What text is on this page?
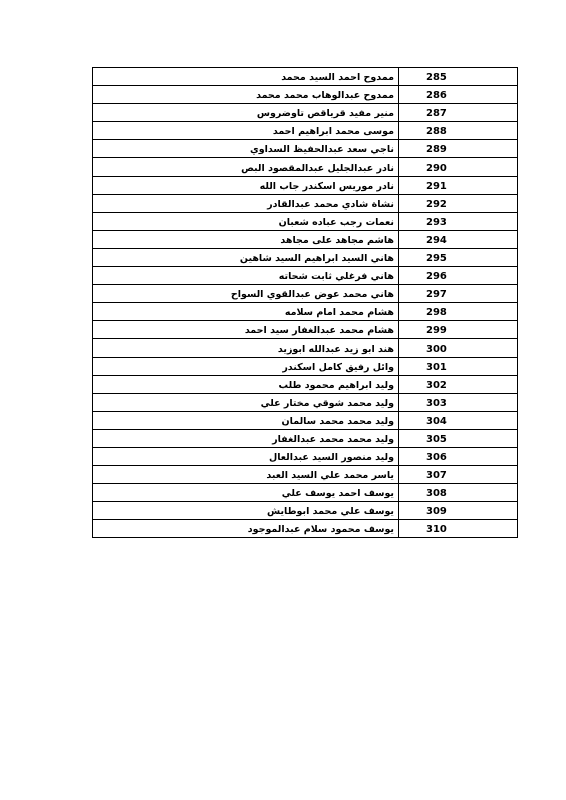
ممدوح احمد السيد محمد	285
ممدوح عبدالوهاب محمد محمد	286
منير مفيد قرياقص تاوضروس	287
موسى محمد ابراهيم احمد	288
ناجي سعد عبدالحفيظ السداوي	289
نادر عبدالجليل عبدالمقصود البص	290
نادر موريس اسكندر جاب الله	291
نشاة شادي محمد عبدالقادر	292
نعمات رجب عباده شعبان	293
هاشم مجاهد على مجاهد	294
هاني السيد ابراهيم السيد شاهين	295
هاني فرغلي ثابت شحاته	296
هاني محمد عوض عبدالقوي السواح	297
هشام محمد امام سلامه	298
هشام محمد عبدالغفار سيد احمد	299
هند ابو زيد عبدالله ابوزيد	300
وائل رفيق كامل اسكندر	301
وليد ابراهيم محمود طلب	302
وليد محمد شوقي مختار علي	303
وليد محمد محمد سالمان	304
وليد محمد محمد عبدالغفار	305
وليد منصور السيد عبدالعال	306
ياسر محمد علي السيد العبد	307
يوسف احمد يوسف علي	308
يوسف علي محمد ابوطايش	309
يوسف محمود سلام عبدالموجود	310
